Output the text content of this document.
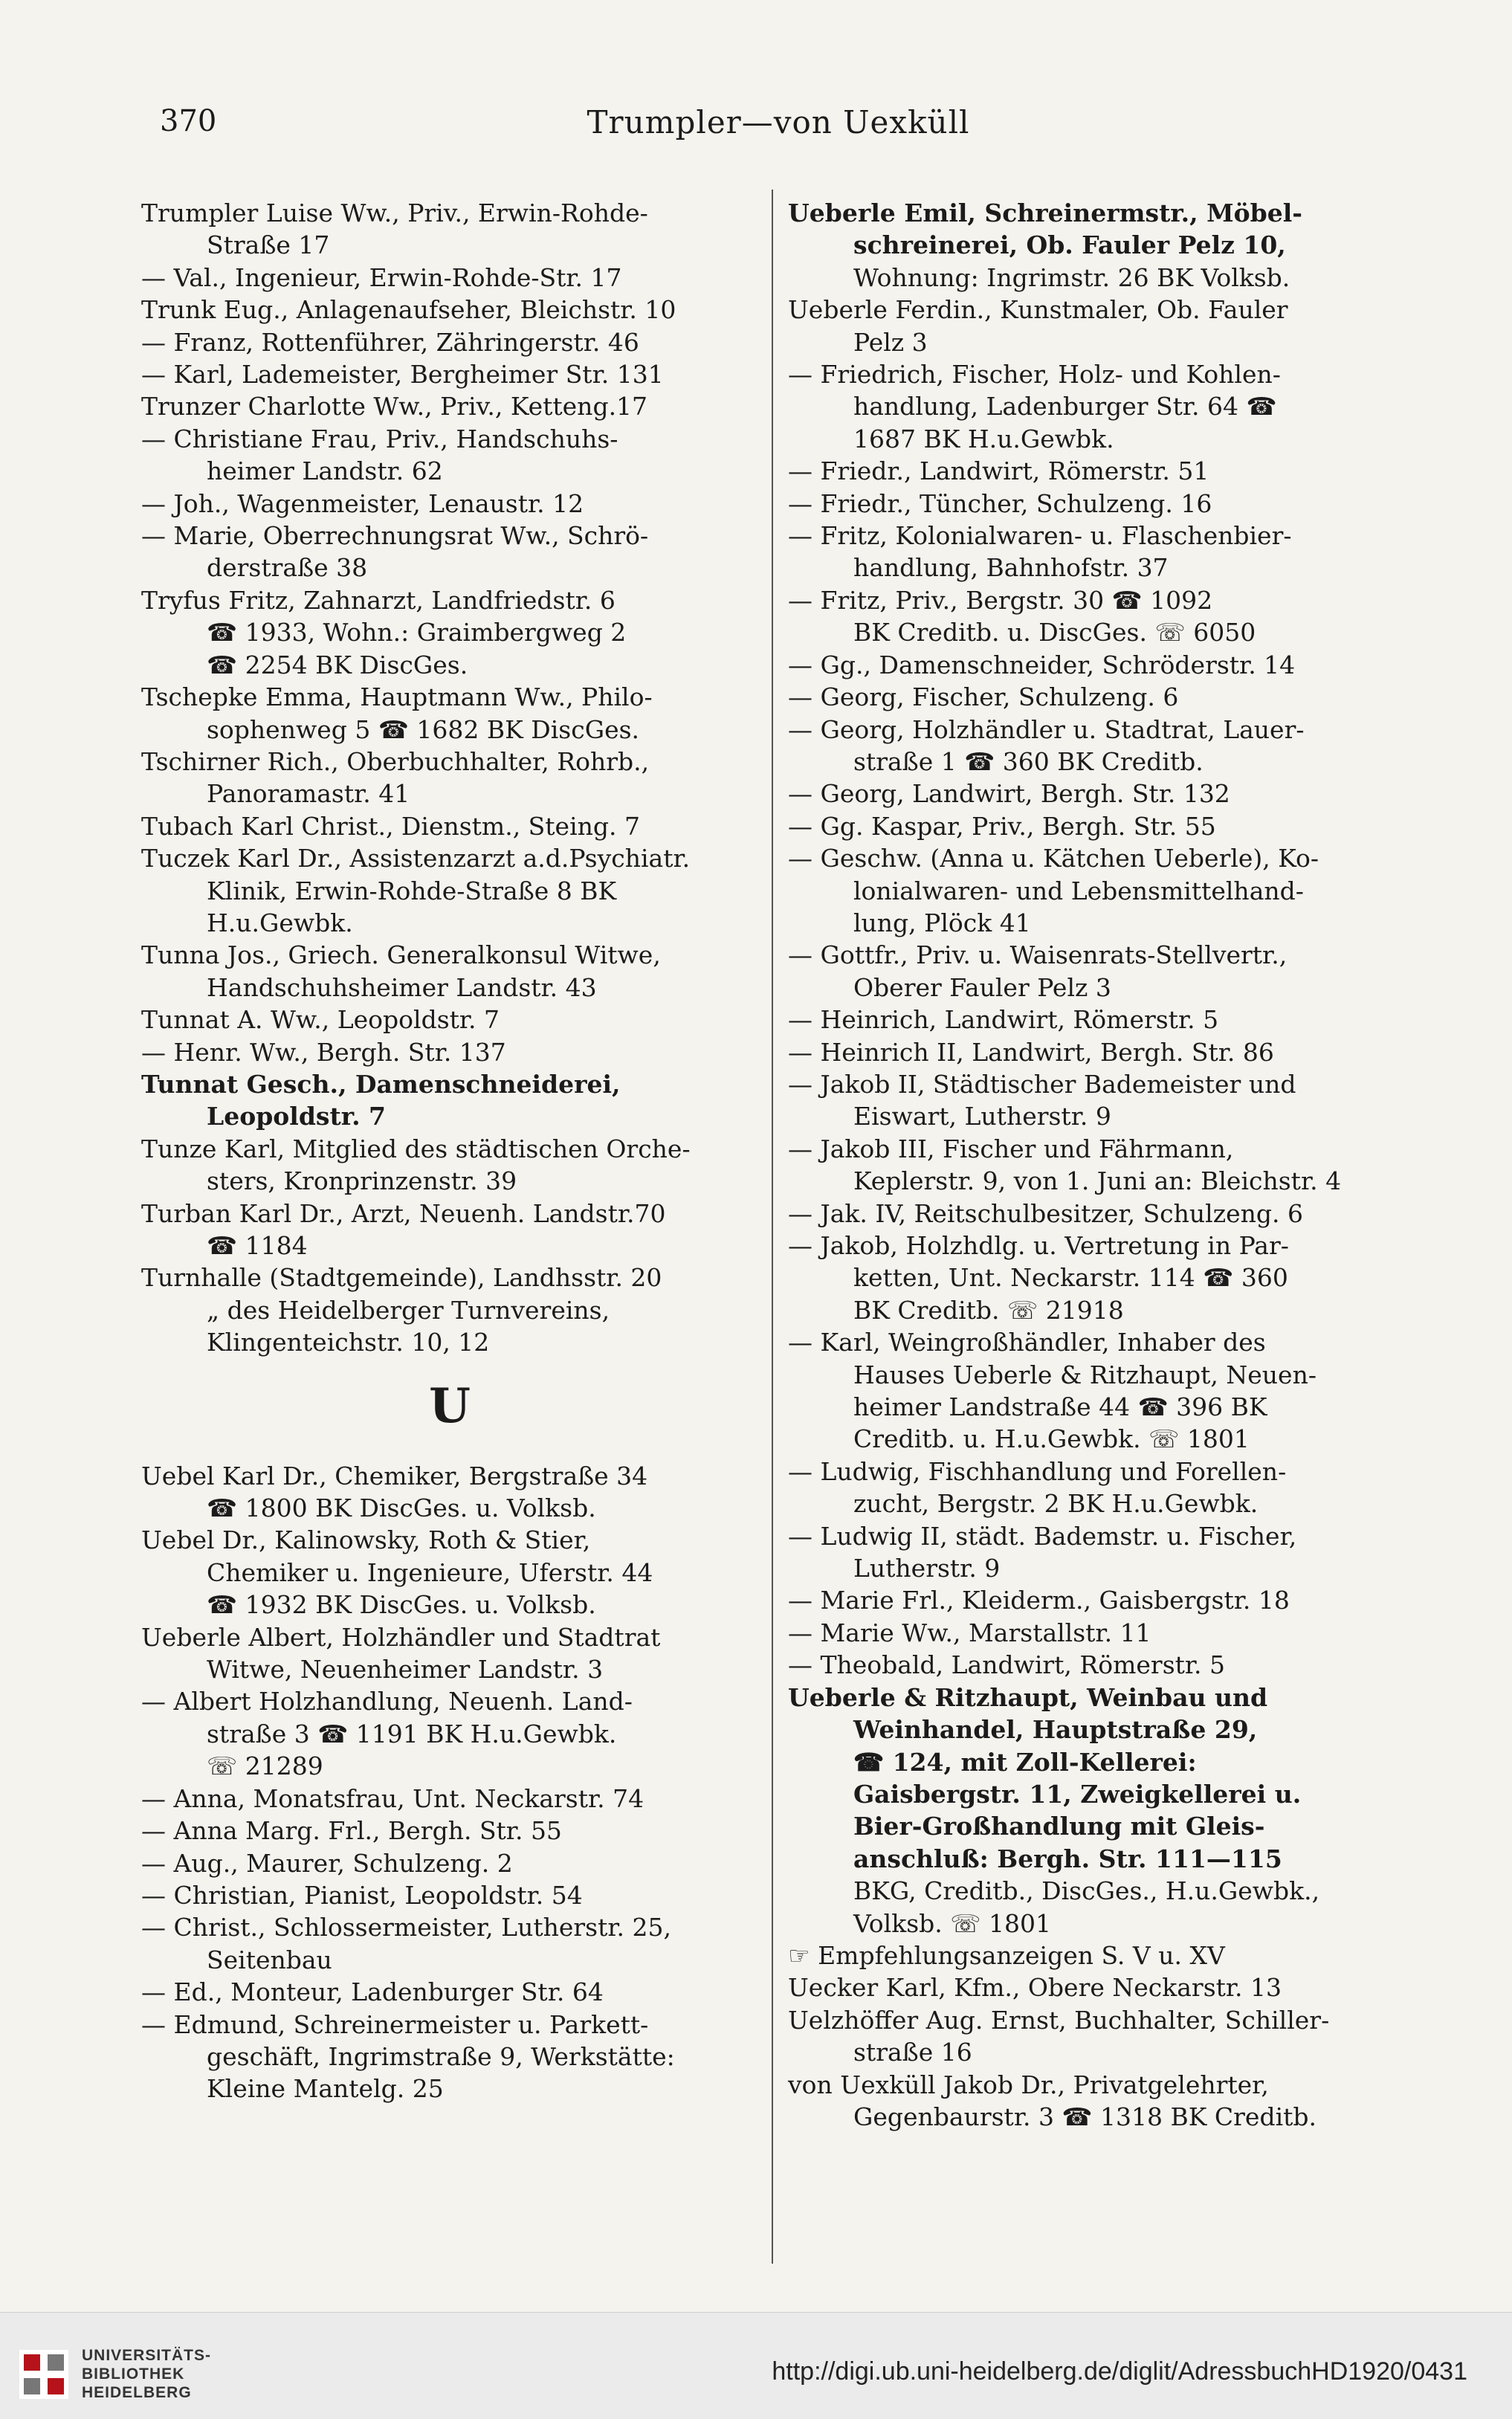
370	Trumpler—von Uexküll
Trumpler Luise Ww., Priv., Erwin-Rohde-
Straße 17
— Val., Ingenieur, Erwin-Rohde-Str. 17
Trunk Eug., Anlagenaufseher, Bleichstr. 10
— Franz, Rottenführer, Zähringerstr. 46
— Karl, Lademeister, Bergheimer Str. 131
Trunzer Charlotte Ww., Priv., Ketteng.17
— Christiane Frau, Priv., Handschuhs-
heimer Landstr. 62
— Joh., Wagenmeister, Lenaustr. 12
— Marie, Oberrechnungsrat Ww., Schrö-
derstraße 38
Tryfus Fritz, Zahnarzt, Landfriedstr. 6
☎ 1933, Wohn.: Graimbergweg 2
☎ 2254 BK DiscGes.
Tschepke Emma, Hauptmann Ww., Philo-
sophenweg 5 ☎ 1682 BK DiscGes.
Tschirner Rich., Oberbuchhalter, Rohrb.,
Panoramastr. 41
Tubach Karl Christ., Dienstm., Steing. 7
Tuczek Karl Dr., Assistenzarzt a.d.Psychiatr.
Klinik, Erwin-Rohde-Straße 8 BK
H.u.Gewbk.
Tunna Jos., Griech. Generalkonsul Witwe,
Handschuhsheimer Landstr. 43
Tunnat A. Ww., Leopoldstr. 7
— Henr. Ww., Bergh. Str. 137
Tunnat Gesch., Damenschneiderei,
Leopoldstr. 7
Tunze Karl, Mitglied des städtischen Orche-
sters, Kronprinzenstr. 39
Turban Karl Dr., Arzt, Neuenh. Landstr.70
☎ 1184
Turnhalle (Stadtgemeinde), Landhsstr. 20
„ des Heidelberger Turnvereins,
Klingenteichstr. 10, 12
U
Uebel Karl Dr., Chemiker, Bergstraße 34
☎ 1800 BK DiscGes. u. Volksb.
Uebel Dr., Kalinowsky, Roth & Stier,
Chemiker u. Ingenieure, Uferstr. 44
☎ 1932 BK DiscGes. u. Volksb.
Ueberle Albert, Holzhändler und Stadtrat
Witwe, Neuenheimer Landstr. 3
— Albert Holzhandlung, Neuenh. Land-
straße 3 ☎ 1191 BK H.u.Gewbk.
☏ 21289
— Anna, Monatsfrau, Unt. Neckarstr. 74
— Anna Marg. Frl., Bergh. Str. 55
— Aug., Maurer, Schulzeng. 2
— Christian, Pianist, Leopoldstr. 54
— Christ., Schlossermeister, Lutherstr. 25,
Seitenbau
— Ed., Monteur, Ladenburger Str. 64
— Edmund, Schreinermeister u. Parkett-
geschäft, Ingrimstraße 9, Werkstätte:
Kleine Mantelg. 25
Ueberle Emil, Schreinermstr., Möbel-
schreinerei, Ob. Fauler Pelz 10,
Wohnung: Ingrimstr. 26 BK Volksb.
Ueberle Ferdin., Kunstmaler, Ob. Fauler
Pelz 3
— Friedrich, Fischer, Holz- und Kohlen-
handlung, Ladenburger Str. 64 ☎
1687 BK H.u.Gewbk.
— Friedr., Landwirt, Römerstr. 51
— Friedr., Tüncher, Schulzeng. 16
— Fritz, Kolonialwaren- u. Flaschenbier-
handlung, Bahnhofstr. 37
— Fritz, Priv., Bergstr. 30 ☎ 1092
BK Creditb. u. DiscGes. ☏ 6050
— Gg., Damenschneider, Schröderstr. 14
— Georg, Fischer, Schulzeng. 6
— Georg, Holzhändler u. Stadtrat, Lauer-
straße 1 ☎ 360 BK Creditb.
— Georg, Landwirt, Bergh. Str. 132
— Gg. Kaspar, Priv., Bergh. Str. 55
— Geschw. (Anna u. Kätchen Ueberle), Ko-
lonialwaren- und Lebensmittelhand-
lung, Plöck 41
— Gottfr., Priv. u. Waisenrats-Stellvertr.,
Oberer Fauler Pelz 3
— Heinrich, Landwirt, Römerstr. 5
— Heinrich II, Landwirt, Bergh. Str. 86
— Jakob II, Städtischer Bademeister und
Eiswart, Lutherstr. 9
— Jakob III, Fischer und Fährmann,
Keplerstr. 9, von 1. Juni an: Bleichstr. 4
— Jak. IV, Reitschulbesitzer, Schulzeng. 6
— Jakob, Holzhdlg. u. Vertretung in Par-
ketten, Unt. Neckarstr. 114 ☎ 360
BK Creditb. ☏ 21918
— Karl, Weingroßhändler, Inhaber des
Hauses Ueberle & Ritzhaupt, Neuen-
heimer Landstraße 44 ☎ 396 BK
Creditb. u. H.u.Gewbk. ☏ 1801
— Ludwig, Fischhandlung und Forellen-
zucht, Bergstr. 2 BK H.u.Gewbk.
— Ludwig II, städt. Bademstr. u. Fischer,
Lutherstr. 9
— Marie Frl., Kleiderm., Gaisbergstr. 18
— Marie Ww., Marstallstr. 11
— Theobald, Landwirt, Römerstr. 5
Ueberle & Ritzhaupt, Weinbau und
Weinhandel, Hauptstraße 29,
☎ 124, mit Zoll-Kellerei:
Gaisbergstr. 11, Zweigkellerei u.
Bier-Großhandlung mit Gleis-
anschluß: Bergh. Str. 111—115
BKG, Creditb., DiscGes., H.u.Gewbk.,
Volksb. ☏ 1801
☞ Empfehlungsanzeigen S. V u. XV
Uecker Karl, Kfm., Obere Neckarstr. 13
Uelzhöffer Aug. Ernst, Buchhalter, Schiller-
straße 16
von Uexküll Jakob Dr., Privatgelehrter,
Gegenbaurstr. 3 ☎ 1318 BK Creditb.
UNIVERSITÄTS-
BIBLIOTHEK
HEIDELBERG
http://digi.ub.uni-heidelberg.de/diglit/AdressbuchHD1920/0431
